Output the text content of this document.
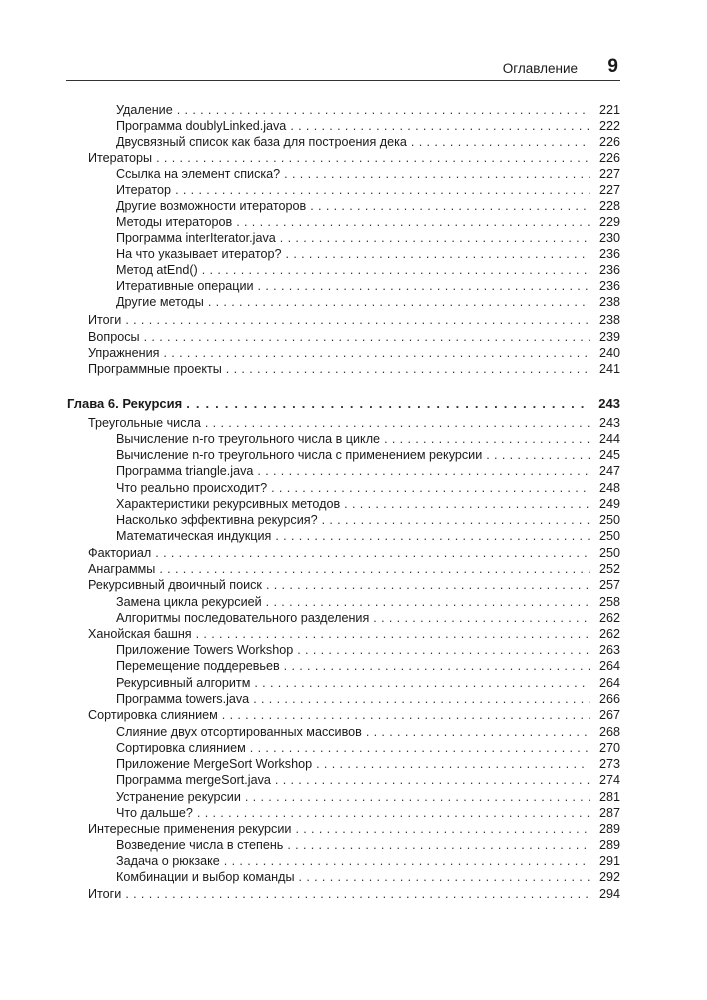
Оглавление 9
Удаление . . .	221
Программа doublyLinked.java . . .	222
Двусвязный список как база для построения дека . . .	226
Итераторы . . .	226
Ссылка на элемент списка? . . .	227
Итератор . . .	227
Другие возможности итераторов . . .	228
Методы итераторов . . .	229
Программа interIterator.java . . .	230
На что указывает итератор? . . .	236
Метод atEnd() . . .	236
Итеративные операции . . .	236
Другие методы . . .	238
Итоги . . .	238
Вопросы . . .	239
Упражнения . . .	240
Программные проекты . . .	241
Глава 6. Рекурсия . . .	243
Треугольные числа . . .	243
Вычисление n-го треугольного числа в цикле . . .	244
Вычисление n-го треугольного числа с применением рекурсии . . .	245
Программа triangle.java . . .	247
Что реально происходит? . . .	248
Характеристики рекурсивных методов . . .	249
Насколько эффективна рекурсия? . . .	250
Математическая индукция . . .	250
Факториал . . .	250
Анаграммы . . .	252
Рекурсивный двоичный поиск . . .	257
Замена цикла рекурсией . . .	258
Алгоритмы последовательного разделения . . .	262
Ханойская башня . . .	262
Приложение Towers Workshop . . .	263
Перемещение поддеревьев . . .	264
Рекурсивный алгоритм . . .	264
Программа towers.java . . .	266
Сортировка слиянием . . .	267
Слияние двух отсортированных массивов . . .	268
Сортировка слиянием . . .	270
Приложение MergeSort Workshop . . .	273
Программа mergeSort.java . . .	274
Устранение рекурсии . . .	281
Что дальше? . . .	287
Интересные применения рекурсии . . .	289
Возведение числа в степень . . .	289
Задача о рюкзаке . . .	291
Комбинации и выбор команды . . .	292
Итоги . . .	294
